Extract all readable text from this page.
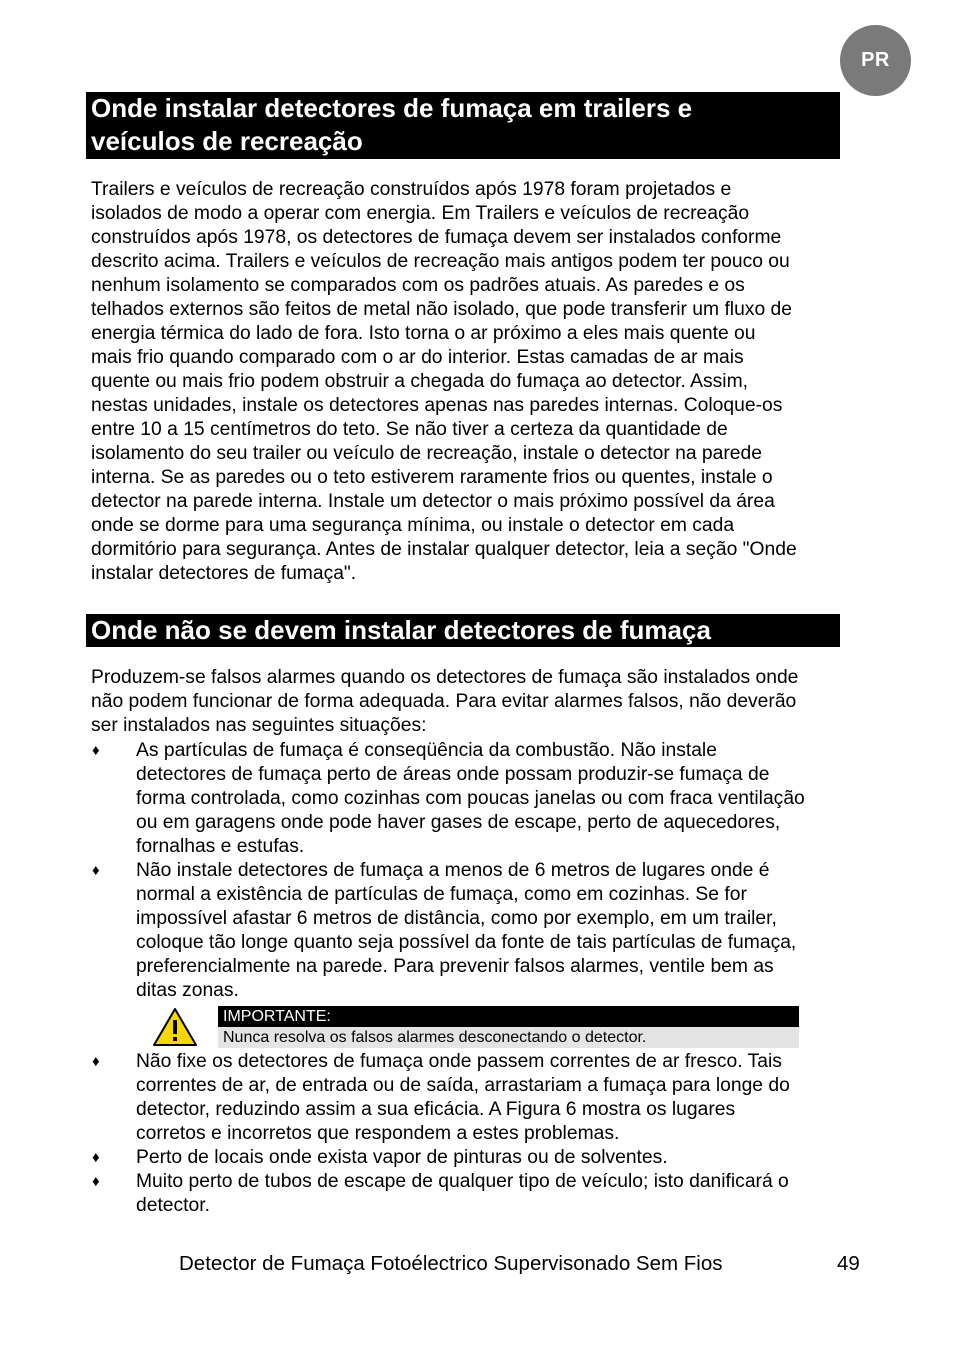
PR
Onde instalar detectores de fumaça em trailers e
veículos de recreação
Trailers e veículos de recreação construídos após 1978 foram projetados e
isolados de modo a operar com energia. Em Trailers e veículos de recreação
construídos após 1978, os detectores de fumaça devem ser instalados conforme
descrito acima. Trailers e veículos de recreação mais antigos podem ter pouco ou
nenhum isolamento se comparados com os padrões atuais. As paredes e os
telhados externos são feitos de metal não isolado, que pode transferir um fluxo de
energia térmica do lado de fora. Isto torna o ar próximo a eles mais quente ou
mais frio quando comparado com o ar do interior. Estas camadas de ar mais
quente ou mais frio podem obstruir a chegada do fumaça ao detector. Assim,
nestas unidades, instale os detectores apenas nas paredes internas. Coloque-os
entre 10 a 15 centímetros do teto. Se não tiver a certeza da quantidade de
isolamento do seu trailer ou veículo de recreação, instale o detector na parede
interna. Se as paredes ou o teto estiverem raramente frios ou quentes, instale o
detector na parede interna. Instale um detector o mais próximo possível da área
onde se dorme para uma segurança mínima, ou instale o detector em cada
dormitório para segurança. Antes de instalar qualquer detector, leia a seção "Onde
instalar detectores de fumaça".
Onde não se devem instalar detectores de fumaça
Produzem-se falsos alarmes quando os detectores de fumaça são instalados onde
não podem funcionar de forma adequada. Para evitar alarmes falsos, não deverão
ser instalados nas seguintes situações:
♦ As partículas de fumaça é conseqüência da combustão. Não instale
detectores de fumaça perto de áreas onde possam produzir-se fumaça de
forma controlada, como cozinhas com poucas janelas ou com fraca ventilação
ou em garagens onde pode haver gases de escape, perto de aquecedores,
fornalhas e estufas.
♦ Não instale detectores de fumaça a menos de 6 metros de lugares onde é
normal a existência de partículas de fumaça, como em cozinhas. Se for
impossível afastar 6 metros de distância, como por exemplo, em um trailer,
coloque tão longe quanto seja possível da fonte de tais partículas de fumaça,
preferencialmente na parede. Para prevenir falsos alarmes, ventile bem as
ditas zonas.
IMPORTANTE:
Nunca resolva os falsos alarmes desconectando o detector.
♦ Não fixe os detectores de fumaça onde passem correntes de ar fresco. Tais
correntes de ar, de entrada ou de saída, arrastariam a fumaça para longe do
detector, reduzindo assim a sua eficácia. A Figura 6 mostra os lugares
corretos e incorretos que respondem a estes problemas.
♦ Perto de locais onde exista vapor de pinturas ou de solventes.
♦ Muito perto de tubos de escape de qualquer tipo de veículo; isto danificará o
detector.
Detector de Fumaça Fotoélectrico Supervisonado Sem Fios	49
